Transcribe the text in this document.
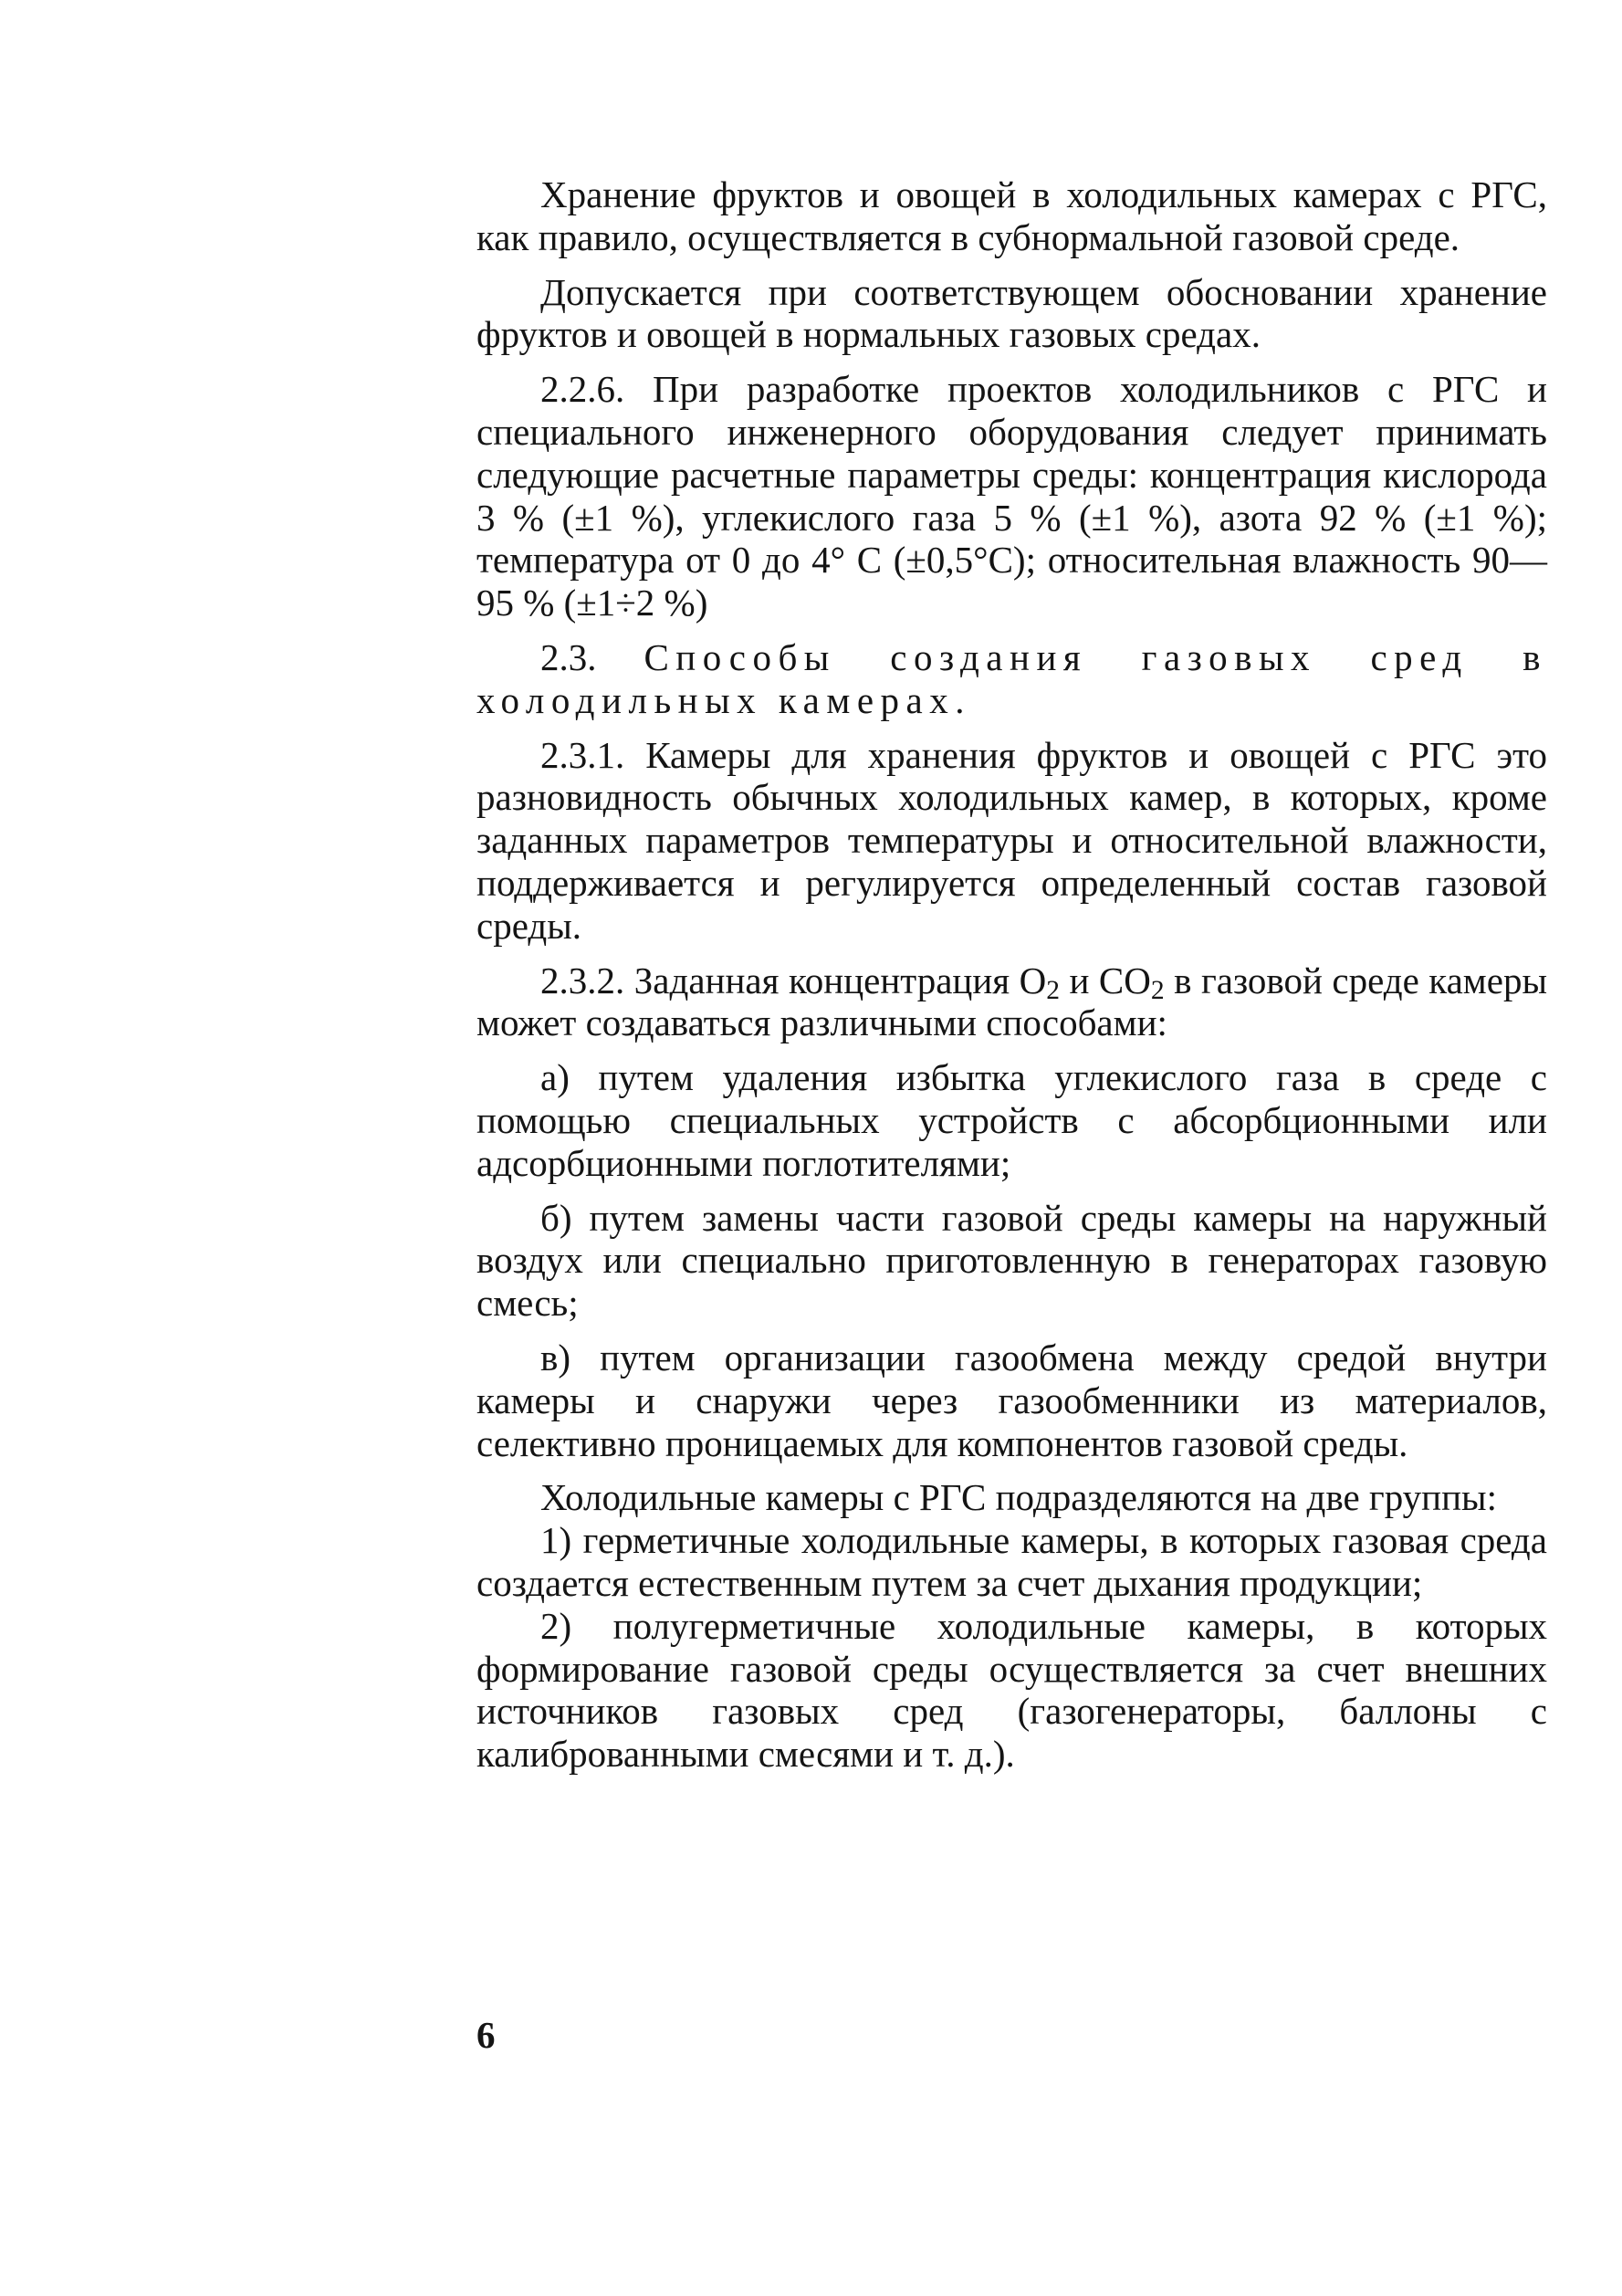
Хранение фруктов и овощей в холодильных камерах с РГС, как правило, осуществляется в субнормальной газовой среде.

Допускается при соответствующем обосновании хранение фруктов и овощей в нормальных газовых средах.

2.2.6. При разработке проектов холодильников с РГС и специального инженерного оборудования следует принимать следующие расчетные параметры среды: концентрация кислорода 3 % (±1 %), углекислого газа 5 % (±1 %), азота 92 % (±1 %); температура от 0 до 4° С (±0,5°С); относительная влажность 90—95 % (±1÷2 %)

2.3. Способы создания газовых сред в холодильных камерах.

2.3.1. Камеры для хранения фруктов и овощей с РГС это разновидность обычных холодильных камер, в которых, кроме заданных параметров температуры и относительной влажности, поддерживается и регулируется определенный состав газовой среды.

2.3.2. Заданная концентрация $O_2$ и $CO_2$ в газовой среде камеры может создаваться различными способами:

а) путем удаления избытка углекислого газа в среде с помощью специальных устройств с абсорбционными или адсорбционными поглотителями;

б) путем замены части газовой среды камеры на наружный воздух или специально приготовленную в генераторах газовую смесь;

в) путем организации газообмена между средой внутри камеры и снаружи через газообменники из материалов, селективно проницаемых для компонентов газовой среды.

Холодильные камеры с РГС подразделяются на две группы:

1) герметичные холодильные камеры, в которых газовая среда создается естественным путем за счет дыхания продукции;

2) полугерметичные холодильные камеры, в которых формирование газовой среды осуществляется за счет внешних источников газовых сред (газогенераторы, баллоны с калиброванными смесями и т. д.).

6
